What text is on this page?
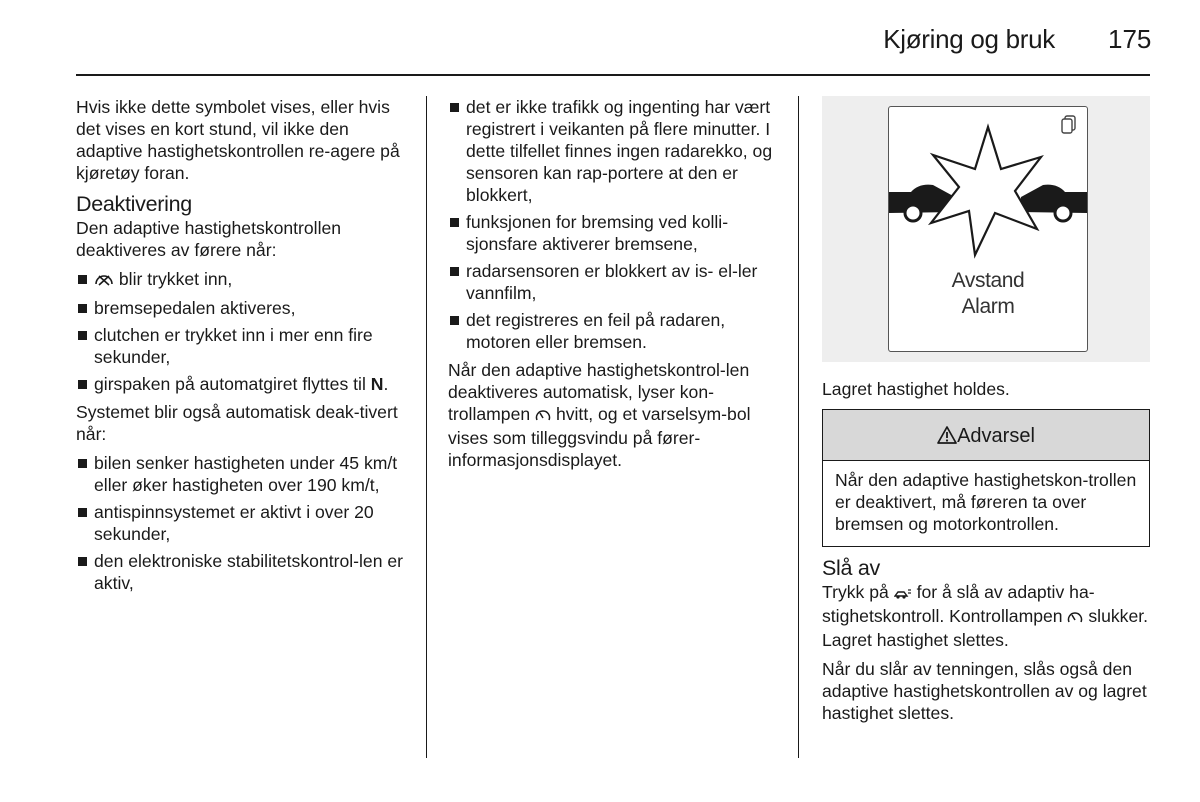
Kjøring og bruk 175

Hvis ikke dette symbolet vises, eller hvis det vises en kort stund, vil ikke den adaptive hastighetskontrollen re-agere på kjøretøy foran.

Deaktivering

Den adaptive hastighetskontrollen deaktiveres av førere når:

blir trykket inn,
bremsepedalen aktiveres,
clutchen er trykket inn i mer enn fire sekunder,
girspaken på automatgiret flyttes til N.

Systemet blir også automatisk deak-tivert når:

bilen senker hastigheten under 45 km/t eller øker hastigheten over 190 km/t,
antispinnsystemet er aktivt i over 20 sekunder,
den elektroniske stabilitetskontrol-len er aktiv,
det er ikke trafikk og ingenting har vært registrert i veikanten på flere minutter. I dette tilfellet finnes ingen radarekko, og sensoren kan rap-portere at den er blokkert,
funksjonen for bremsing ved kolli-sjonsfare aktiverer bremsene,
radarsensoren er blokkert av is- el-ler vannfilm,
det registreres en feil på radaren, motoren eller bremsen.

Når den adaptive hastighetskontrol-len deaktiveres automatisk, lyser kon-trollampen hvitt, og et varselsym-bol vises som tilleggsvindu på fører-informasjonsdisplayet.

Avstand
Alarm

Lagret hastighet holdes.

Advarsel
Når den adaptive hastighetskon-trollen er deaktivert, må føreren ta over bremsen og motorkontrollen.
Slå av

Trykk på for å slå av adaptiv ha-stighetskontroll. Kontrollampen slukker. Lagret hastighet slettes.

Når du slår av tenningen, slås også den adaptive hastighetskontrollen av og lagret hastighet slettes.
